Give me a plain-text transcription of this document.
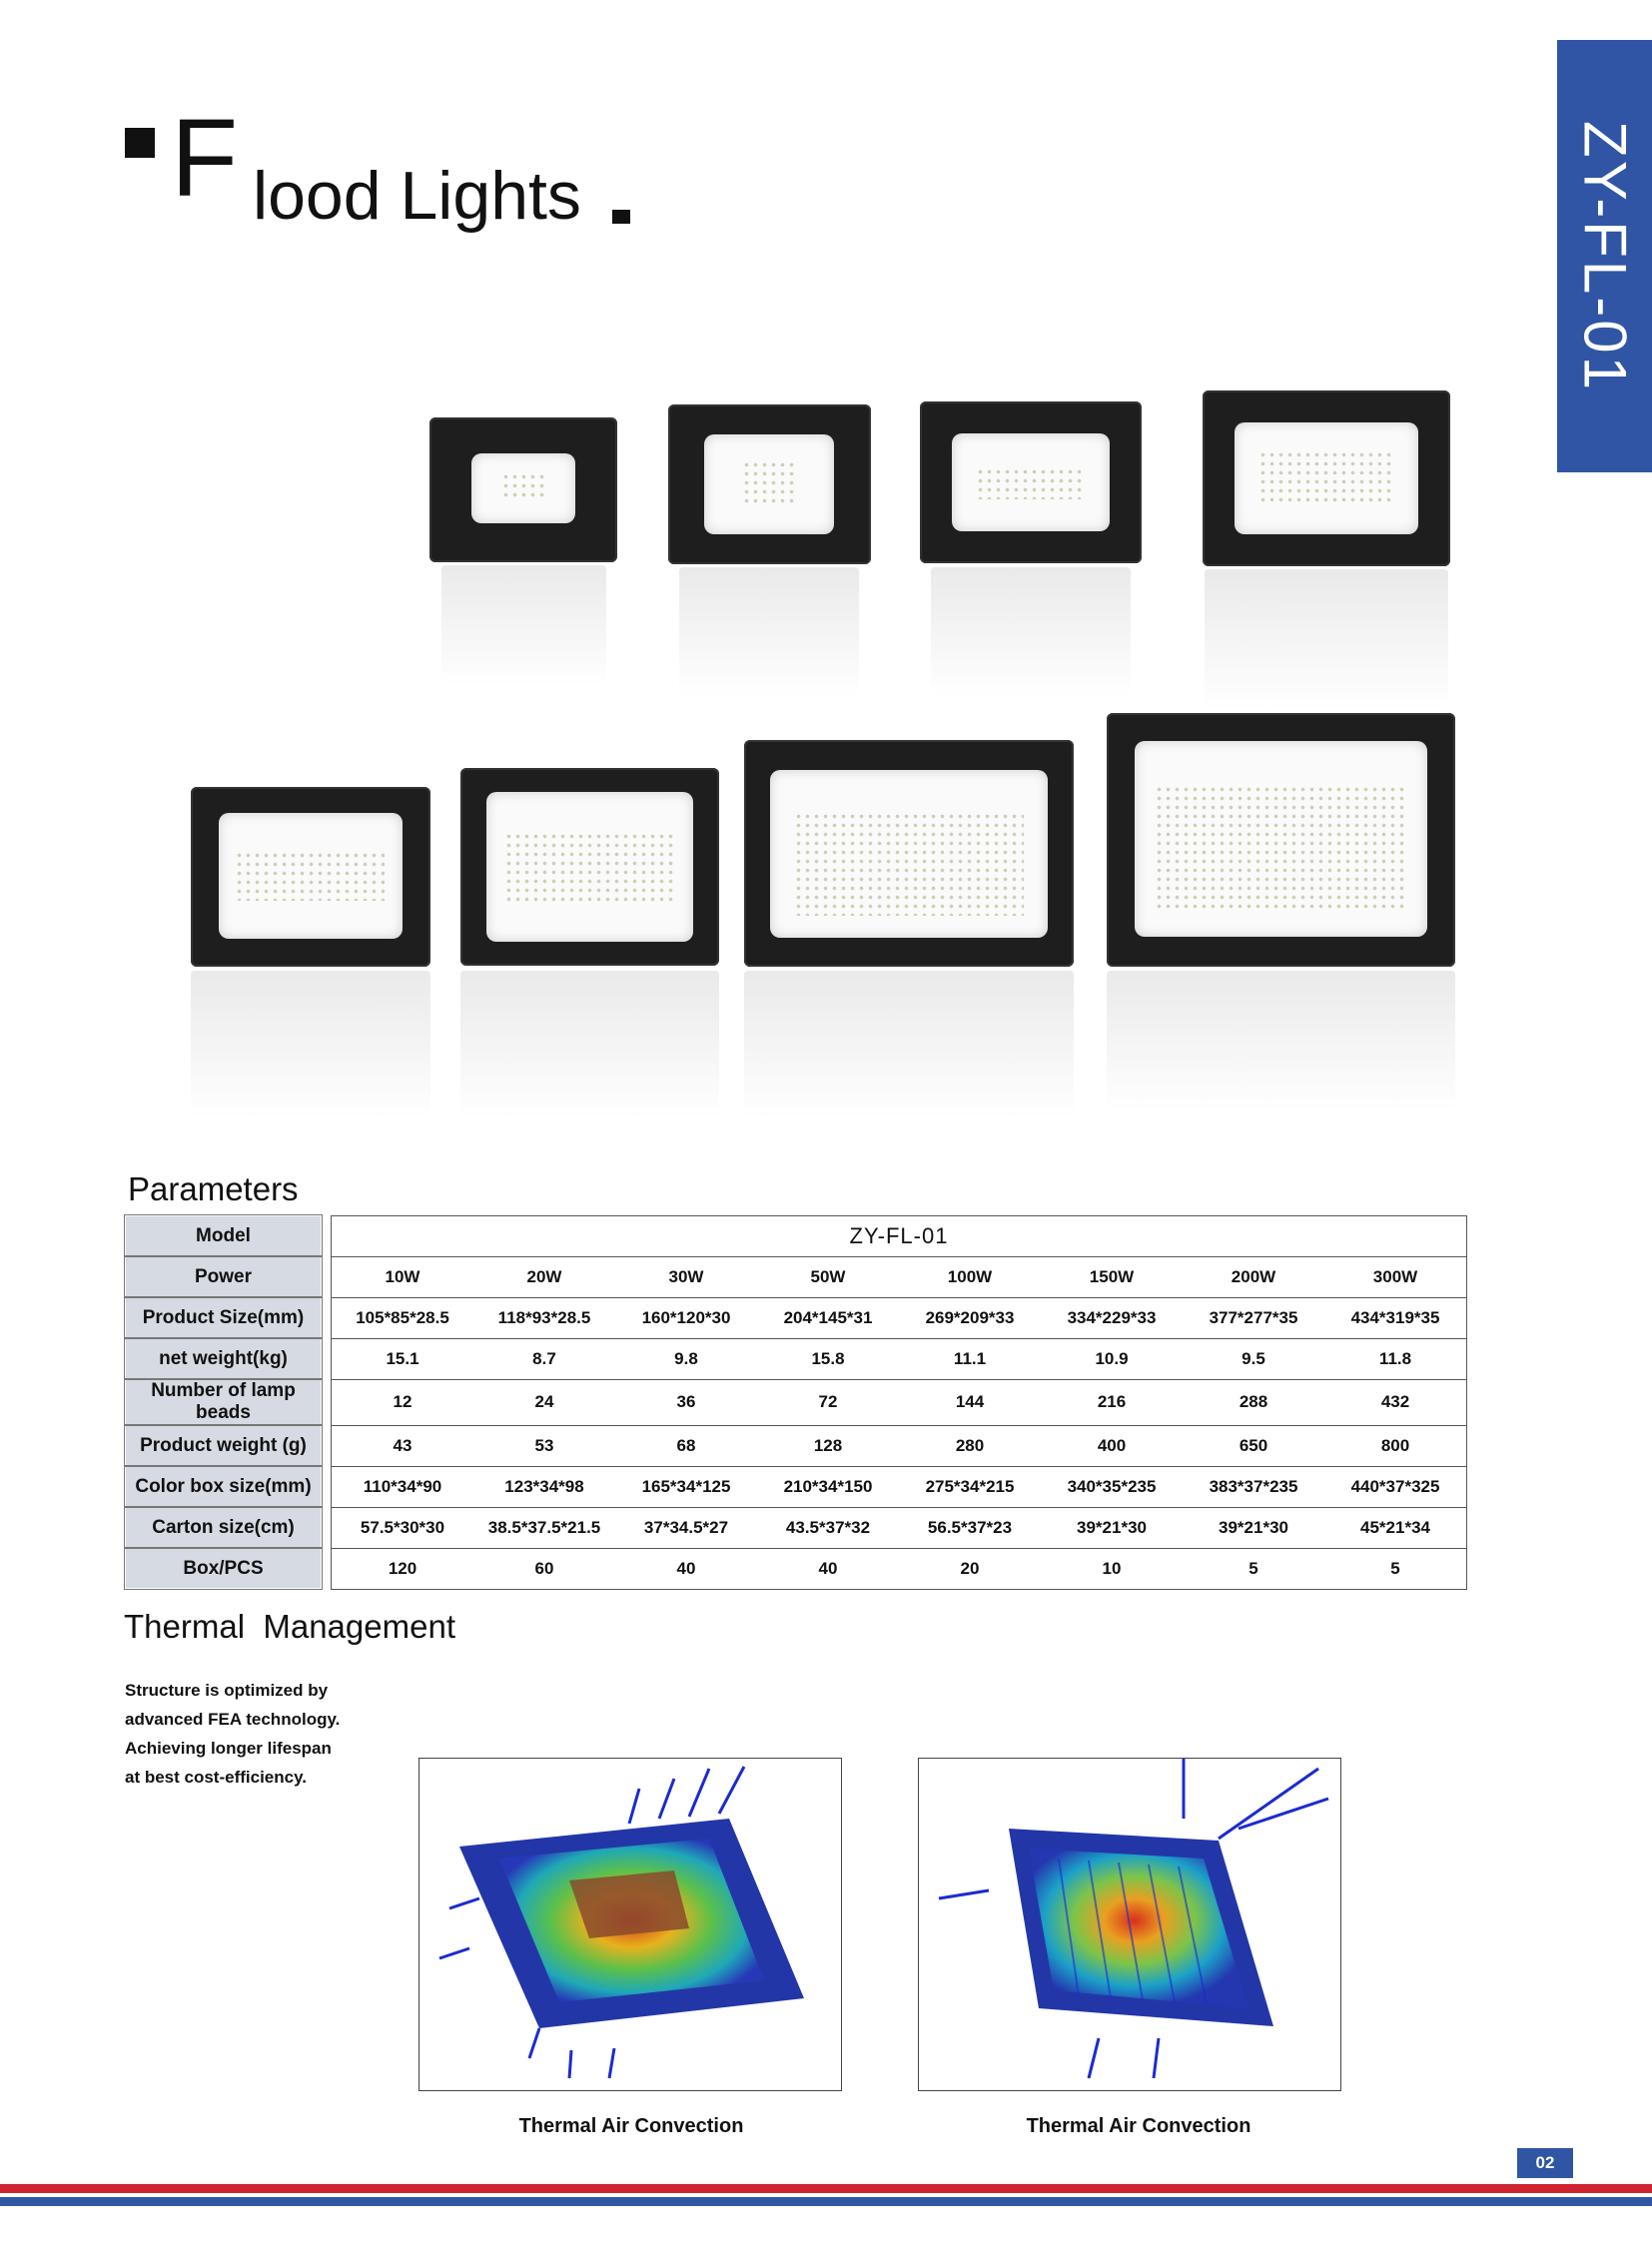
F lood Lights	ZY-FL-01
Parameters
Model		ZY-FL-01							
Power		10W	20W	30W	50W	100W	150W	200W	300W
Product Size(mm)		105*85*28.5	118*93*28.5	160*120*30	204*145*31	269*209*33	334*229*33	377*277*35	434*319*35
net weight(kg)		15.1	8.7	9.8	15.8	11.1	10.9	9.5	11.8
Number of lamp beads		12	24	36	72	144	216	288	432
Product weight (g)		43	53	68	128	280	400	650	800
Color box size(mm)		110*34*90	123*34*98	165*34*125	210*34*150	275*34*215	340*35*235	383*37*235	440*37*325
Carton size(cm)		57.5*30*30	38.5*37.5*21.5	37*34.5*27	43.5*37*32	56.5*37*23	39*21*30	39*21*30	45*21*34
Box/PCS		120	60	40	40	20	10	5	5
Thermal  Management
Structure is optimized by
advanced FEA technology.
Achieving longer lifespan
at best cost-efficiency.
Thermal Air Convection	Thermal Air Convection
02
